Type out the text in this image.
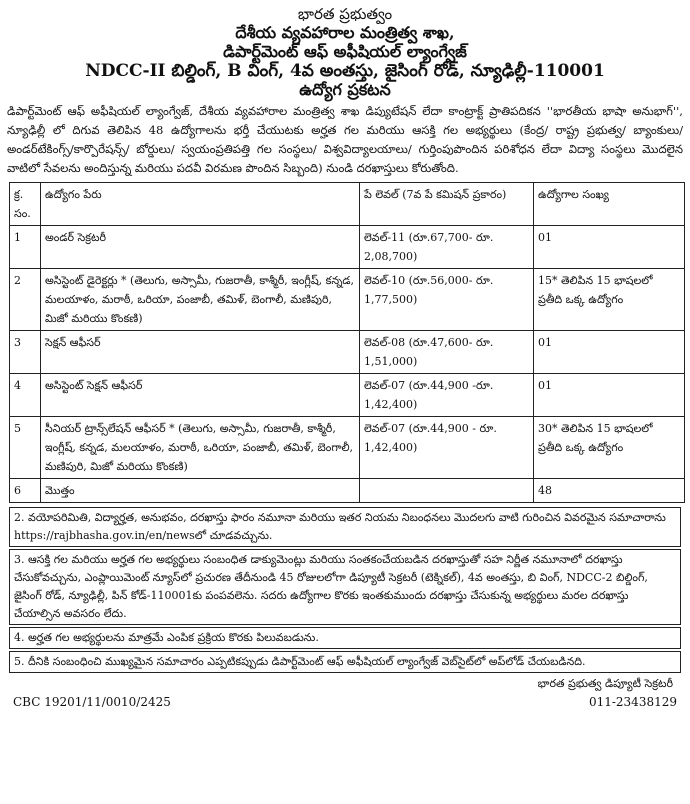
భారత ప్రభుత్వం
దేశీయ వ్యవహారాల మంత్రిత్వ శాఖ,
డిపార్ట్‌మెంట్ ఆఫ్ అఫీషియల్ ల్యాంగ్వేజ్
NDCC-II బిల్డింగ్, B వింగ్, 4వ అంతస్తు, జైసింగ్ రోడ్, న్యూఢిల్లీ-110001
ఉద్యోగ ప్రకటన
డిపార్ట్‌మెంట్ ఆఫ్ అఫీషియల్ ల్యాంగ్వేజ్, దేశీయ వ్యవహారాల మంత్రిత్వ శాఖ డిప్యుటేషన్ లేదా కాంట్రాక్ట్ ప్రాతిపదికన ''భారతీయ భాషా అనుభాగ్'', న్యూఢిల్లీ లో దిగువ తెలిపిన 48 ఉద్యోగాలను భర్తీ చేయుటకు అర్హత గల మరియు ఆసక్తి గల అభ్యర్థులు (కేంద్ర/ రాష్ట్ర ప్రభుత్వ/ బ్యాంకులు/ అండర్‌టేకింగ్స్/కార్పొరేషన్స్/ బోర్డులు/ స్వయంప్రతిపత్తి గల సంస్థలు/ విశ్వవిద్యాలయాలు/ గుర్తింపుపొందిన పరిశోధన లేదా విద్యా సంస్థలు మొదలైన వాటిలో సేవలను అందిస్తున్న మరియు పదవీ విరమణ పొందిన సిబ్బంది) నుండి దరఖాస్తులు కోరుతోంది.
క్ర. సం.	ఉద్యోగం పేరు	పే లెవల్ (7వ పే కమిషన్ ప్రకారం)	ఉద్యోగాల సంఖ్య
1	అండర్ సెక్రటరీ	లెవల్-11 (రూ.67,700- రూ. 2,08,700)	01
2	అసిస్టెంట్ డైరెక్టర్లు * (తెలుగు, అస్సామీ, గుజరాతీ, కాశ్మీరీ, ఇంగ్లీష్, కన్నడ, మలయాళం, మరాఠీ, ఒరియా, పంజాబీ, తమిళ్, బెంగాలీ, మణిపురి, మిజో మరియు కొంకణి)	లెవల్-10 (రూ.56,000- రూ. 1,77,500)	15* తెలిపిన 15 భాషలలో ప్రతీది ఒక్క ఉద్యోగం
3	సెక్షన్ ఆఫీసర్	లెవల్-08 (రూ.47,600- రూ. 1,51,000)	01
4	అసిస్టెంట్ సెక్షన్ ఆఫీసర్	లెవల్-07 (రూ.44,900 -రూ. 1,42,400)	01
5	సీనియర్ ట్రాన్స్‌లేషన్ ఆఫీసర్ * (తెలుగు, అస్సామీ, గుజరాతీ, కాశ్మీరీ, ఇంగ్లీష్, కన్నడ, మలయాళం, మరాఠీ, ఒరియా, పంజాబీ, తమిళ్, బెంగాలీ, మణిపురి, మిజో మరియు కొంకణి)	లెవల్-07 (రూ.44,900 - రూ. 1,42,400)	30* తెలిపిన 15 భాషలలో ప్రతీది ఒక్క ఉద్యోగం
6	మొత్తం		48
2. వయోపరిమితి, విద్యార్హత, అనుభవం, దరఖాస్తు ఫారం నమూనా మరియు ఇతర నియమ నిబంధనలు మొదలగు వాటి గురించిన వివరమైన సమాచారాను https://rajbhasha.gov.in/en/newsలో చూడవచ్చును.
3. ఆసక్తి గల మరియు అర్హత గల అభ్యర్థులు సంబంధిత డాక్యుమెంట్లు మరియు సంతకంచేయబడిన దరఖాస్తుతో సహ నిర్ణీత నమూనాలో దరఖాస్తు చేసుకోవచ్చును, ఎంప్లాయిమెంట్ న్యూస్‌లో ప్రచురణ తేదీనుండి 45 రోజులలోగా డిప్యూటీ సెక్రటరీ (టెక్నికల్), 4వ అంతస్తు, బి వింగ్, NDCC-2 బిల్డింగ్, జైసింగ్ రోడ్, న్యూఢిల్లీ, పిన్ కోడ్-110001కు పంపవలెను. సదరు ఉద్యోగాల కొరకు ఇంతకుముందు దరఖాస్తు చేసుకున్న అభ్యర్థులు మరల దరఖాస్తు చేయాల్సిన అవసరం లేదు.
4. అర్హత గల అభ్యర్థులను మాత్రమే ఎంపిక ప్రక్రియ కొరకు పిలువబడును.
5. దీనికి సంబంధించి ముఖ్యమైన సమాచారం ఎప్పటికప్పుడు డిపార్ట్‌మెంట్ ఆఫ్ అఫీషియల్ ల్యాంగ్వేజ్ వెబ్‌సైట్‌లో అప్‌లోడ్ చేయబడినది.
భారత ప్రభుత్వ డిప్యూటీ సెక్రటరీ
CBC 19201/11/0010/2425	011-23438129
